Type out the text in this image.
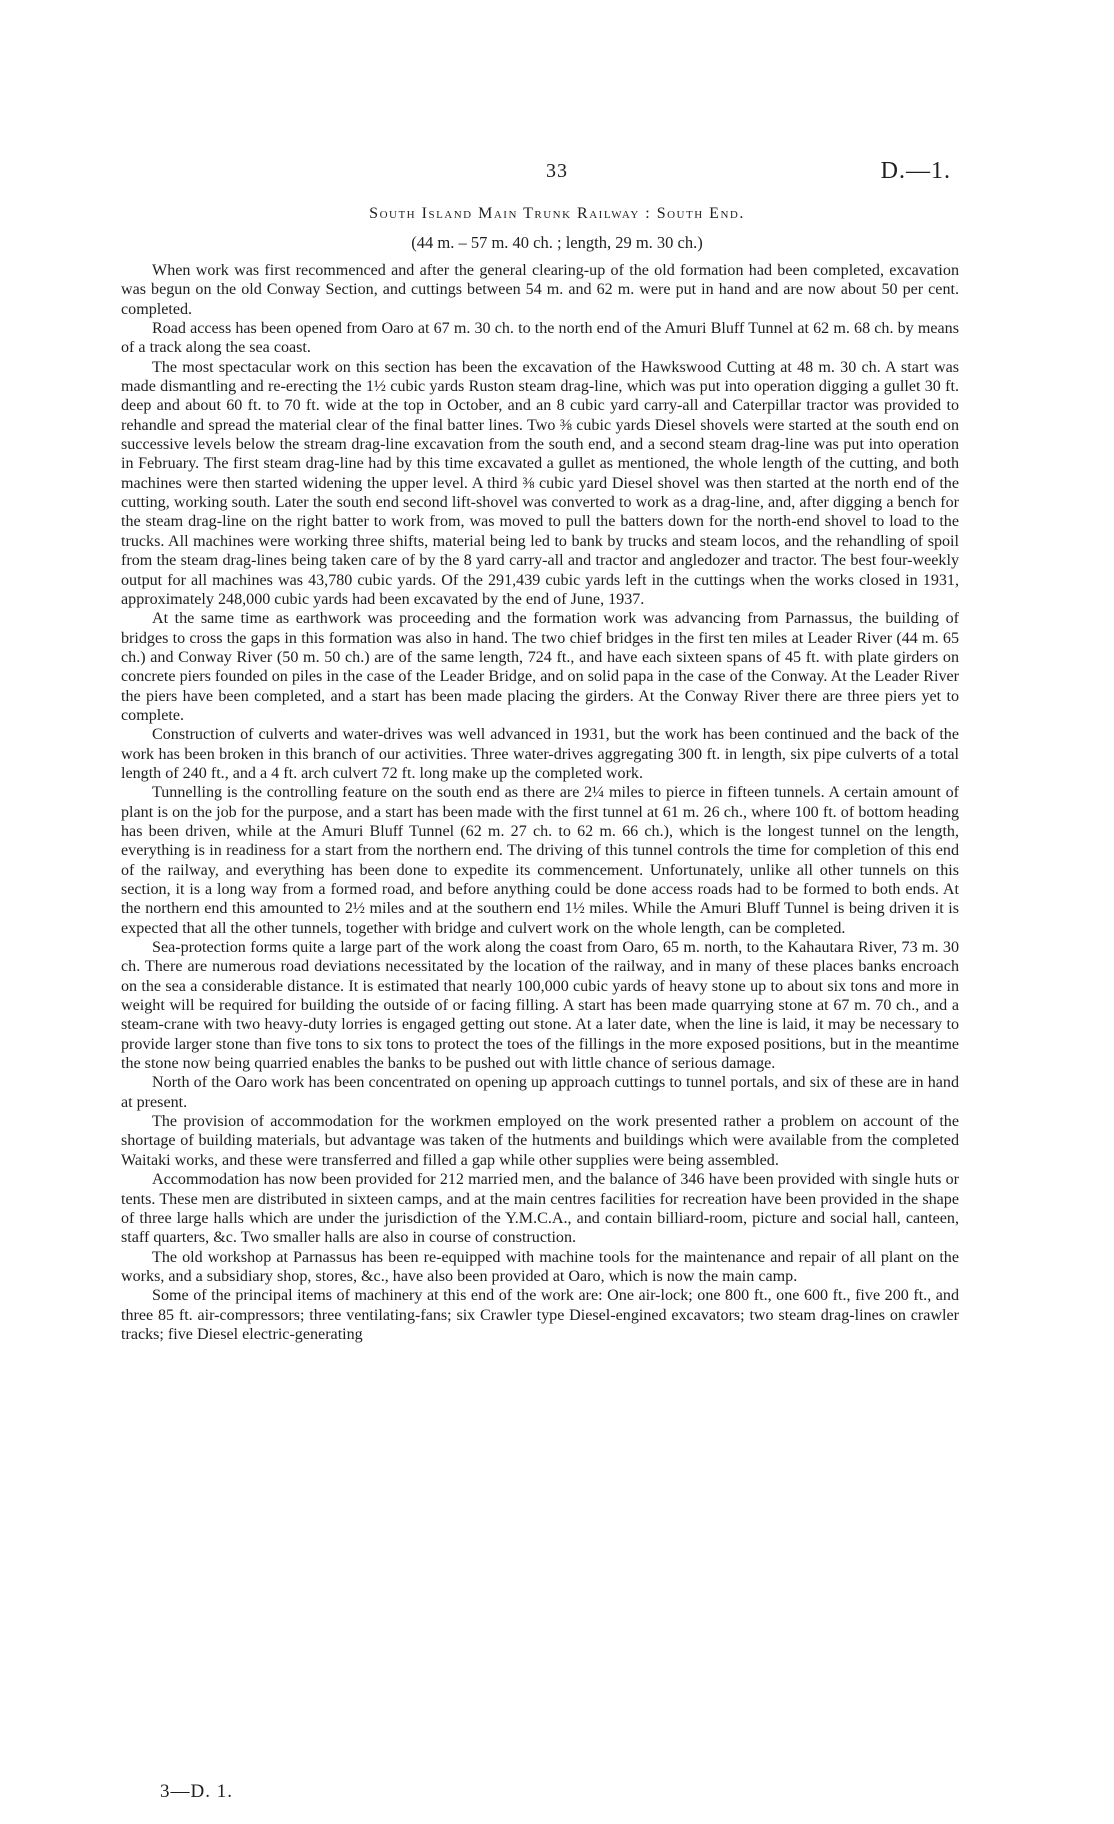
33	D.—1.
South Island Main Trunk Railway : South End.
(44 m. – 57 m. 40 ch. ; length, 29 m. 30 ch.)

When work was first recommenced and after the general clearing-up of the old formation had been completed, excavation was begun on the old Conway Section, and cuttings between 54 m. and 62 m. were put in hand and are now about 50 per cent. completed.

Road access has been opened from Oaro at 67 m. 30 ch. to the north end of the Amuri Bluff Tunnel at 62 m. 68 ch. by means of a track along the sea coast.

The most spectacular work on this section has been the excavation of the Hawkswood Cutting at 48 m. 30 ch. A start was made dismantling and re-erecting the 1½ cubic yards Ruston steam drag-line, which was put into operation digging a gullet 30 ft. deep and about 60 ft. to 70 ft. wide at the top in October, and an 8 cubic yard carry-all and Caterpillar tractor was provided to rehandle and spread the material clear of the final batter lines. Two ⅜ cubic yards Diesel shovels were started at the south end on successive levels below the stream drag-line excavation from the south end, and a second steam drag-line was put into operation in February. The first steam drag-line had by this time excavated a gullet as mentioned, the whole length of the cutting, and both machines were then started widening the upper level. A third ⅜ cubic yard Diesel shovel was then started at the north end of the cutting, working south. Later the south end second lift-shovel was converted to work as a drag-line, and, after digging a bench for the steam drag-line on the right batter to work from, was moved to pull the batters down for the north-end shovel to load to the trucks. All machines were working three shifts, material being led to bank by trucks and steam locos, and the rehandling of spoil from the steam drag-lines being taken care of by the 8 yard carry-all and tractor and angledozer and tractor. The best four-weekly output for all machines was 43,780 cubic yards. Of the 291,439 cubic yards left in the cuttings when the works closed in 1931, approximately 248,000 cubic yards had been excavated by the end of June, 1937.

At the same time as earthwork was proceeding and the formation work was advancing from Parnassus, the building of bridges to cross the gaps in this formation was also in hand. The two chief bridges in the first ten miles at Leader River (44 m. 65 ch.) and Conway River (50 m. 50 ch.) are of the same length, 724 ft., and have each sixteen spans of 45 ft. with plate girders on concrete piers founded on piles in the case of the Leader Bridge, and on solid papa in the case of the Conway. At the Leader River the piers have been completed, and a start has been made placing the girders. At the Conway River there are three piers yet to complete.

Construction of culverts and water-drives was well advanced in 1931, but the work has been continued and the back of the work has been broken in this branch of our activities. Three water-drives aggregating 300 ft. in length, six pipe culverts of a total length of 240 ft., and a 4 ft. arch culvert 72 ft. long make up the completed work.

Tunnelling is the controlling feature on the south end as there are 2¼ miles to pierce in fifteen tunnels. A certain amount of plant is on the job for the purpose, and a start has been made with the first tunnel at 61 m. 26 ch., where 100 ft. of bottom heading has been driven, while at the Amuri Bluff Tunnel (62 m. 27 ch. to 62 m. 66 ch.), which is the longest tunnel on the length, everything is in readiness for a start from the northern end. The driving of this tunnel controls the time for completion of this end of the railway, and everything has been done to expedite its commencement. Unfortunately, unlike all other tunnels on this section, it is a long way from a formed road, and before anything could be done access roads had to be formed to both ends. At the northern end this amounted to 2½ miles and at the southern end 1½ miles. While the Amuri Bluff Tunnel is being driven it is expected that all the other tunnels, together with bridge and culvert work on the whole length, can be completed.

Sea-protection forms quite a large part of the work along the coast from Oaro, 65 m. north, to the Kahautara River, 73 m. 30 ch. There are numerous road deviations necessitated by the location of the railway, and in many of these places banks encroach on the sea a considerable distance. It is estimated that nearly 100,000 cubic yards of heavy stone up to about six tons and more in weight will be required for building the outside of or facing filling. A start has been made quarrying stone at 67 m. 70 ch., and a steam-crane with two heavy-duty lorries is engaged getting out stone. At a later date, when the line is laid, it may be necessary to provide larger stone than five tons to six tons to protect the toes of the fillings in the more exposed positions, but in the meantime the stone now being quarried enables the banks to be pushed out with little chance of serious damage.

North of the Oaro work has been concentrated on opening up approach cuttings to tunnel portals, and six of these are in hand at present.

The provision of accommodation for the workmen employed on the work presented rather a problem on account of the shortage of building materials, but advantage was taken of the hutments and buildings which were available from the completed Waitaki works, and these were transferred and filled a gap while other supplies were being assembled.

Accommodation has now been provided for 212 married men, and the balance of 346 have been provided with single huts or tents. These men are distributed in sixteen camps, and at the main centres facilities for recreation have been provided in the shape of three large halls which are under the jurisdiction of the Y.M.C.A., and contain billiard-room, picture and social hall, canteen, staff quarters, &c. Two smaller halls are also in course of construction.

The old workshop at Parnassus has been re-equipped with machine tools for the maintenance and repair of all plant on the works, and a subsidiary shop, stores, &c., have also been provided at Oaro, which is now the main camp.

Some of the principal items of machinery at this end of the work are: One air-lock; one 800 ft., one 600 ft., five 200 ft., and three 85 ft. air-compressors; three ventilating-fans; six Crawler type Diesel-engined excavators; two steam drag-lines on crawler tracks; five Diesel electric-generating

3—D. 1.
